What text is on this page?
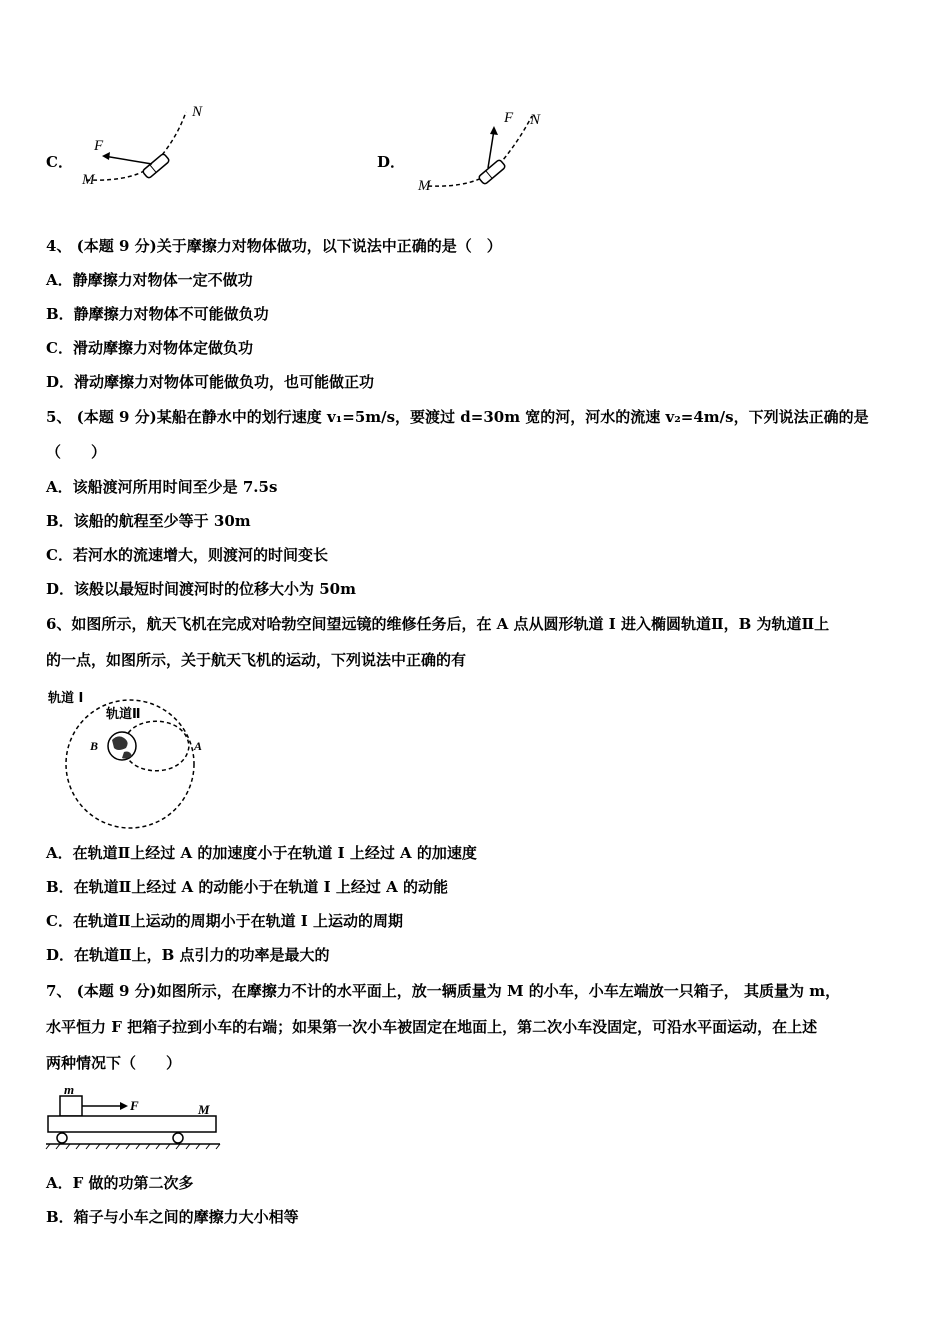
C．
N
F
M
D．
N
F
M
4、 (本题 9 分)关于摩擦力对物体做功，以下说法中正确的是（　）
A．静摩擦力对物体一定不做功
B．静摩擦力对物体不可能做负功
C．滑动摩擦力对物体定做负功
D．滑动摩擦力对物体可能做负功，也可能做正功
5、 (本题 9 分)某船在静水中的划行速度 v₁=5m/s，要渡过 d=30m 宽的河，河水的流速 v₂=4m/s，下列说法正确的是
（　　）
A．该船渡河所用时间至少是 7.5s
B．该船的航程至少等于 30m
C．若河水的流速增大，则渡河的时间变长
D．该般以最短时间渡河时的位移大小为 50m
6、如图所示，航天飞机在完成对哈勃空间望远镜的维修任务后，在 A 点从圆形轨道 I 进入椭圆轨道Ⅱ，B 为轨道Ⅱ上
的一点，如图所示，关于航天飞机的运动，下列说法中正确的有
轨道 I
轨道Ⅱ
B	A
A．在轨道Ⅱ上经过 A 的加速度小于在轨道 I 上经过 A 的加速度
B．在轨道Ⅱ上经过 A 的动能小于在轨道 I 上经过 A 的动能
C．在轨道Ⅱ上运动的周期小于在轨道 I 上运动的周期
D．在轨道Ⅱ上，B 点引力的功率是最大的
7、 (本题 9 分)如图所示，在摩擦力不计的水平面上，放一辆质量为 M 的小车，小车左端放一只箱子， 其质量为 m，
水平恒力 F 把箱子拉到小车的右端；如果第一次小车被固定在地面上，第二次小车没固定，可沿水平面运动，在上述
两种情况下（　　）
m
F	M
A．F 做的功第二次多
B．箱子与小车之间的摩擦力大小相等
